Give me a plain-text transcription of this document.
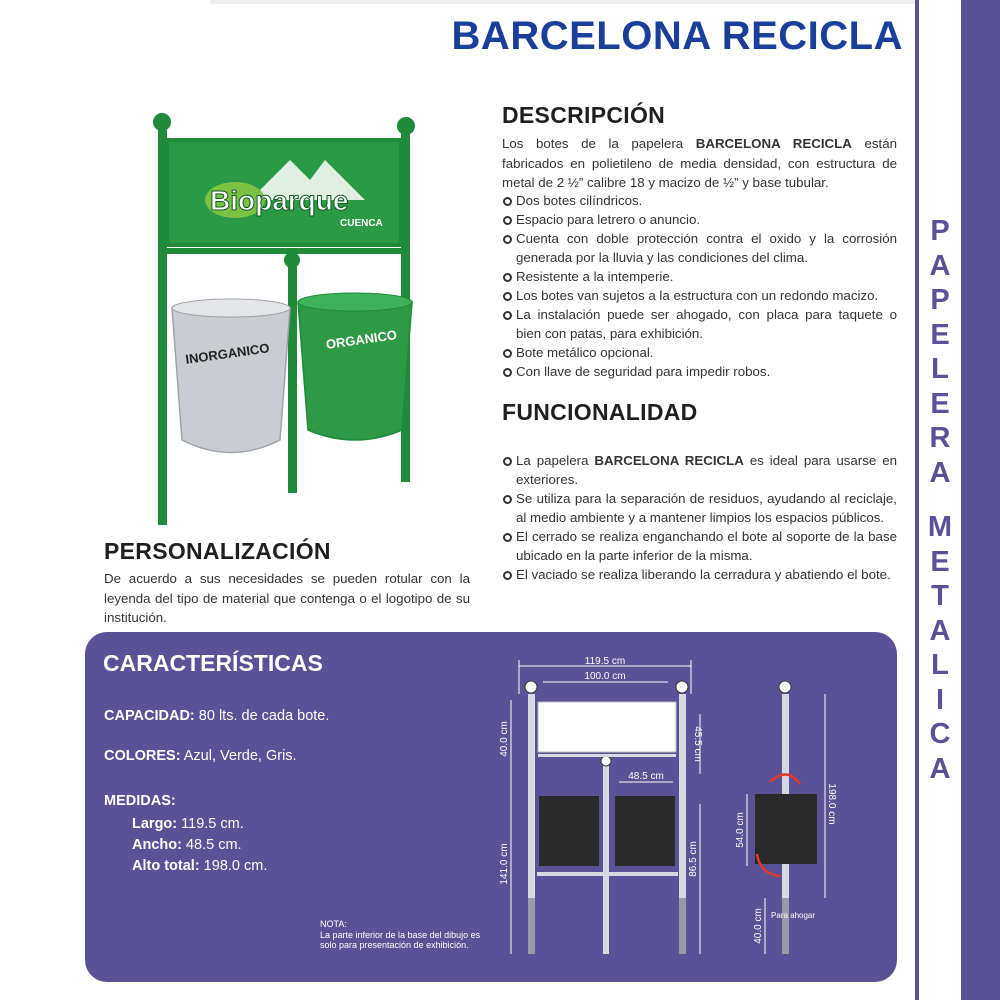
BARCELONA RECICLA
P
A
P
E
L
E
R
A
M
E
T
A
L
I
C
A
Bioparque
CUENCA
INORGANICO
ORGANICO
DESCRIPCIÓN

Los botes de la papelera BARCELONA RECICLA están fabricados en polietileno de media densidad, con estructura de metal de 2 ½” calibre 18 y macizo de ½” y base tubular.

Dos botes cilíndricos.
Espacio para letrero o anuncio.
Cuenta con doble protección contra el oxido y la corrosión generada por la lluvia y las condiciones del clima.
Resistente a la intemperie.
Los botes van sujetos a la estructura con un redondo macizo.
La instalación puede ser ahogado, con placa para taquete o bien con patas, para exhibición.
Bote metálico opcional.
Con llave de seguridad para impedir robos.
FUNCIONALIDAD
La papelera BARCELONA RECICLA es ideal para usarse en exteriores.
Se utiliza para la separación de residuos, ayudando al reciclaje, al medio ambiente y a mantener limpios los espacios públicos.
El cerrado se realiza enganchando el bote al soporte de la base ubicado en la parte inferior de la misma.
El vaciado se realiza liberando la cerradura y abatiendo el bote.
PERSONALIZACIÓN

De acuerdo a sus necesidades se pueden rotular con la leyenda del tipo de material que contenga o el logotipo de su institución.

CARACTERÍSTICAS
CAPACIDAD: 80 lts. de cada bote.
COLORES: Azul, Verde, Gris.
MEDIDAS:
Largo: 119.5 cm.
Ancho: 48.5 cm.
Alto total: 198.0 cm.
NOTA:
La parte inferior de la base del dibujo es solo para presentación de exhibición.
119.5 cm
100.0 cm
40.0 cm	45.5 cm
48.5 cm
141.0 cm	86.5 cm
198.0 cm
54.0 cm
40.0 cm Para ahogar
